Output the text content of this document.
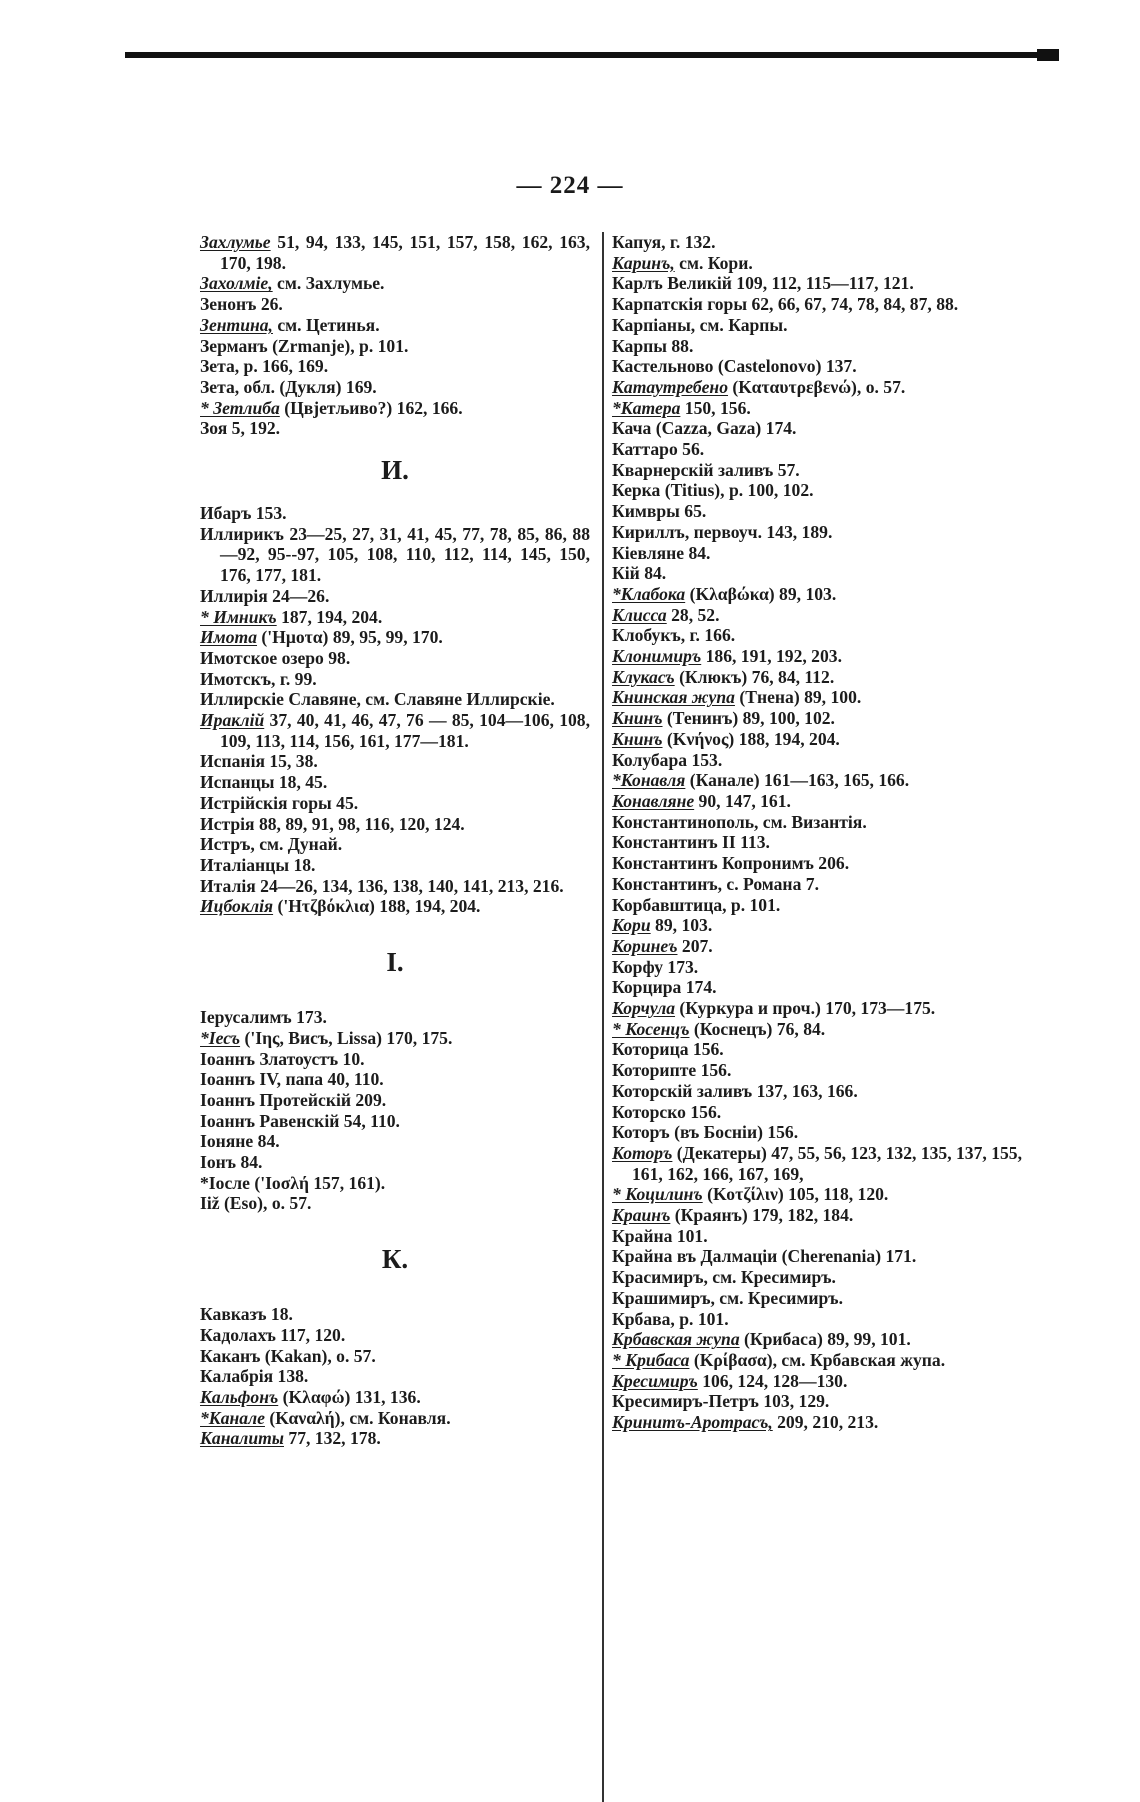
— 224 —
Захлумье 51, 94, 133, 145, 151, 157, 158, 162, 163, 170, 198.
Захолміе, см. Захлумье.
Зенонъ 26.
Зентина, см. Цетинья.
Зерманъ (Zrmanje), р. 101.
Зета, р. 166, 169.
Зета, обл. (Дукля) 169.
* Зетлиба (Цвјетљиво?) 162, 166.
Зоя 5, 192.
И.
Ибаръ 153.
Иллирикъ 23—25, 27, 31, 41, 45, 77, 78, 85, 86, 88—92, 95--97, 105, 108, 110, 112, 114, 145, 150, 176, 177, 181.
Иллирія 24—26.
* Имникъ 187, 194, 204.
Имота ('Ημοτα) 89, 95, 99, 170.
Имотское озеро 98.
Имотскъ, г. 99.
Иллирскіе Славяне, см. Славяне Иллирскіе.
Ираклій 37, 40, 41, 46, 47, 76 — 85, 104—106, 108, 109, 113, 114, 156, 161, 177—181.
Испанія 15, 38.
Испанцы 18, 45.
Истрійскія горы 45.
Истрія 88, 89, 91, 98, 116, 120, 124.
Истръ, см. Дунай.
Италіанцы 18.
Италія 24—26, 134, 136, 138, 140, 141, 213, 216.
Ицбоклія ('Ητζβόκλια) 188, 194, 204.
І.
Іерусалимъ 173.
*Іесъ ('Ιης, Висъ, Lissa) 170, 175.
Іоаннъ Златоустъ 10.
Іоаннъ IV, папа 40, 110.
Іоаннъ Протейскій 209.
Іоаннъ Равенскій 54, 110.
Іоняне 84.
Іонъ 84.
*Іосле ('Ιοσλή 157, 161).
Iiž (Eso), о. 57.
К.
Кавказъ 18.
Кадолахъ 117, 120.
Каканъ (Kakan), о. 57.
Калабрія 138.
Кальфонъ (Κλαφώ) 131, 136.
*Канале (Καναλή), см. Конавля.
Каналиты 77, 132, 178.
Капуя, г. 132.
Каринъ, см. Кори.
Карлъ Великій 109, 112, 115—117, 121.
Карпатскія горы 62, 66, 67, 74, 78, 84, 87, 88.
Карпіаны, см. Карпы.
Карпы 88.
Кастельново (Castelonovo) 137.
Катаутребено (Καταυτρεβενώ), о. 57.
*Катера 150, 156.
Кача (Cazza, Gaza) 174.
Каттаро 56.
Кварнерскій заливъ 57.
Керка (Titius), р. 100, 102.
Кимвры 65.
Кириллъ, первоуч. 143, 189.
Кіевляне 84.
Кій 84.
*Клабока (Κλαβώκα) 89, 103.
Клисса 28, 52.
Клобукъ, г. 166.
Клонимиръ 186, 191, 192, 203.
Клукасъ (Клюкъ) 76, 84, 112.
Книнская жупа (Тнена) 89, 100.
Книнъ (Тенинъ) 89, 100, 102.
Книнъ (Κνήνος) 188, 194, 204.
Колубара 153.
*Конавля (Канале) 161—163, 165, 166.
Конавляне 90, 147, 161.
Константинополь, см. Византія.
Константинъ II 113.
Константинъ Копронимъ 206.
Константинъ, с. Романа 7.
Корбавштица, р. 101.
Кори 89, 103.
Коринеъ 207.
Корфу 173.
Корцира 174.
Корчула (Куркура и проч.) 170, 173—175.
* Косенцъ (Коснецъ) 76, 84.
Которица 156.
Которипте 156.
Которскій заливъ 137, 163, 166.
Которско 156.
Которъ (въ Босніи) 156.
Которъ (Декатеры) 47, 55, 56, 123, 132, 135, 137, 155, 161, 162, 166, 167, 169,
* Коцилинъ (Κοτζίλιν) 105, 118, 120.
Краинъ (Краянъ) 179, 182, 184.
Крайна 101.
Крайна въ Далмаціи (Cherenania) 171.
Красимиръ, см. Кресимиръ.
Крашимиръ, см. Кресимиръ.
Крбава, р. 101.
Крбавская жупа (Крибаса) 89, 99, 101.
* Крибаса (Κρίβασα), см. Крбавская жупа.
Кресимиръ 106, 124, 128—130.
Кресимиръ-Петръ 103, 129.
Кринитъ-Аротрасъ, 209, 210, 213.
